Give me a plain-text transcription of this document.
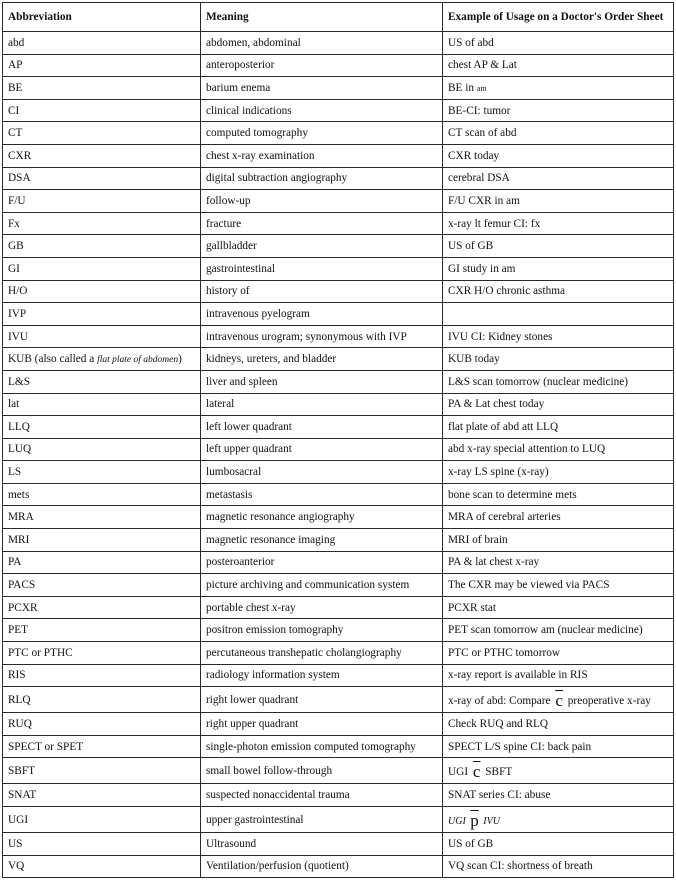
Abbreviation	Meaning	Example of Usage on a Doctor's Order Sheet
abd	abdomen, abdominal	US of abd
AP	anteroposterior	chest AP & Lat
BE	barium enema	BE in am
CI	clinical indications	BE-CI: tumor
CT	computed tomography	CT scan of abd
CXR	chest x-ray examination	CXR today
DSA	digital subtraction angiography	cerebral DSA
F/U	follow-up	F/U CXR in am
Fx	fracture	x-ray lt femur CI: fx
GB	gallbladder	US of GB
GI	gastrointestinal	GI study in am
H/O	history of	CXR H/O chronic asthma
IVP	intravenous pyelogram	
IVU	intravenous urogram; synonymous with IVP	IVU CI: Kidney stones
KUB (also called a flat plate of abdomen)	kidneys, ureters, and bladder	KUB today
L&S	liver and spleen	L&S scan tomorrow (nuclear medicine)
lat	lateral	PA & Lat chest today
LLQ	left lower quadrant	flat plate of abd att LLQ
LUQ	left upper quadrant	abd x-ray special attention to LUQ
LS	lumbosacral	x-ray LS spine (x-ray)
mets	metastasis	bone scan to determine mets
MRA	magnetic resonance angiography	MRA of cerebral arteries
MRI	magnetic resonance imaging	MRI of brain
PA	posteroanterior	PA & lat chest x-ray
PACS	picture archiving and communication system	The CXR may be viewed via PACS
PCXR	portable chest x-ray	PCXR stat
PET	positron emission tomography	PET scan tomorrow am (nuclear medicine)
PTC or PTHC	percutaneous transhepatic cholangiography	PTC or PTHC tomorrow
RIS	radiology information system	x-ray report is available in RIS
RLQ	right lower quadrant	x-ray of abd: Compare $\overline{c}$ preoperative x-ray
RUQ	right upper quadrant	Check RUQ and RLQ
SPECT or SPET	single-photon emission computed tomography	SPECT L/S spine CI: back pain
SBFT	small bowel follow-through	UGI $\overline{c}$ SBFT
SNAT	suspected nonaccidental trauma	SNAT series CI: abuse
UGI	upper gastrointestinal	UGI $\overline{p}$ IVU
US	Ultrasound	US of GB
VQ	Ventilation/perfusion (quotient)	VQ scan CI: shortness of breath
